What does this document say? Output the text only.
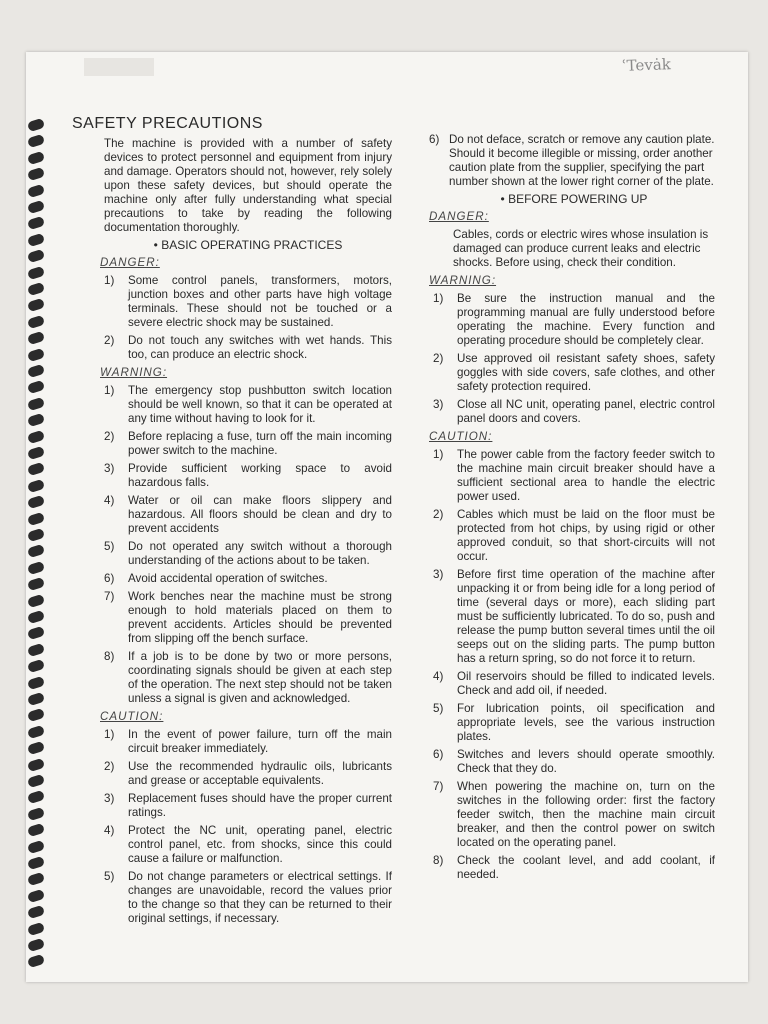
ʿTevȧk
SAFETY PRECAUTIONS

The machine is provided with a number of safety devices to protect personnel and equipment from injury and damage. Operators should not, however, rely solely upon these safety devices, but should operate the machine only after fully understanding what special precautions to take by reading the following documentation thoroughly.

• BASIC OPERATING PRACTICES

DANGER:

1)	Some control panels, transformers, motors, junction boxes and other parts have high voltage terminals. These should not be touched or a severe electric shock may be sustained.
2)	Do not touch any switches with wet hands. This too, can produce an electric shock.

WARNING:

1)	The emergency stop pushbutton switch location should be well known, so that it can be operated at any time without having to look for it.
2)	Before replacing a fuse, turn off the main incoming power switch to the machine.
3)	Provide sufficient working space to avoid hazardous falls.
4)	Water or oil can make floors slippery and hazardous. All floors should be clean and dry to prevent accidents
5)	Do not operated any switch without a thorough understanding of the actions about to be taken.
6)	Avoid accidental operation of switches.
7)	Work benches near the machine must be strong enough to hold materials placed on them to prevent accidents. Articles should be prevented from slipping off the bench surface.
8)	If a job is to be done by two or more persons, coordinating signals should be given at each step of the operation. The next step should not be taken unless a signal is given and acknowledged.

CAUTION:

1)	In the event of power failure, turn off the main circuit breaker immediately.
2)	Use the recommended hydraulic oils, lubricants and grease or acceptable equivalents.
3)	Replacement fuses should have the proper current ratings.
4)	Protect the NC unit, operating panel, electric control panel, etc. from shocks, since this could cause a failure or malfunction.
5)	Do not change parameters or electrical settings. If changes are unavoidable, record the values prior to the change so that they can be returned to their original settings, if necessary.
6) Do not deface, scratch or remove any caution plate. Should it become illegible or missing, order another caution plate from the supplier, specifying the part number shown at the lower right corner of the plate.

• BEFORE POWERING UP

DANGER:

Cables, cords or electric wires whose insulation is damaged can produce current leaks and electric shocks. Before using, check their condition.

WARNING:

1)	Be sure the instruction manual and the programming manual are fully understood before operating the machine. Every function and operating procedure should be completely clear.
2)	Use approved oil resistant safety shoes, safety goggles with side covers, safe clothes, and other safety protection required.
3)	Close all NC unit, operating panel, electric control panel doors and covers.

CAUTION:

1)	The power cable from the factory feeder switch to the machine main circuit breaker should have a sufficient sectional area to handle the electric power used.
2)	Cables which must be laid on the floor must be protected from hot chips, by using rigid or other approved conduit, so that short-circuits will not occur.
3)	Before first time operation of the machine after unpacking it or from being idle for a long period of time (several days or more), each sliding part must be sufficiently lubricated. To do so, push and release the pump button several times until the oil seeps out on the sliding parts. The pump button has a return spring, so do not force it to return.
4)	Oil reservoirs should be filled to indicated levels. Check and add oil, if needed.
5)	For lubrication points, oil specification and appropriate levels, see the various instruction plates.
6)	Switches and levers should operate smoothly. Check that they do.
7)	When powering the machine on, turn on the switches in the following order: first the factory feeder switch, then the machine main circuit breaker, and then the control power on switch located on the operating panel.
8)	Check the coolant level, and add coolant, if needed.
